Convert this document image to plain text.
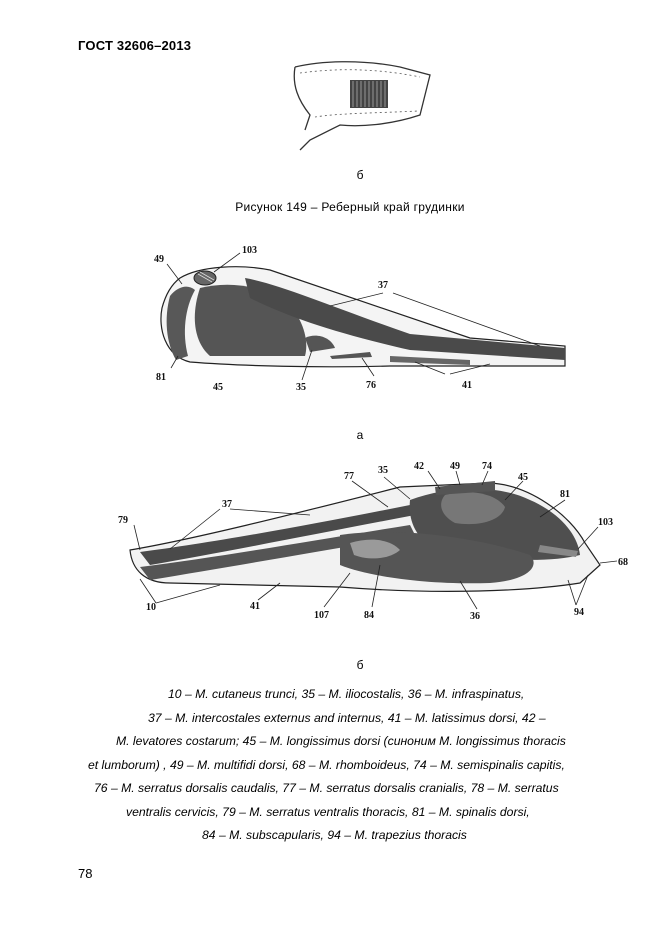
ГОСТ 32606–2013
б
Рисунок 149 – Реберный край грудинки
49
103
37
81
45	35	76	41
а
77
35	42	49 74
45
37
79
81
103
68
10	41
107	84	36	94
б
10 – M. cutaneus trunci, 35 – M. iliocostalis, 36 – M. infraspinatus,
37 – M. intercostales externus and internus, 41 – M. latissimus dorsi, 42 –
M. levatores costarum; 45 – M. longissimus dorsi (синоним M. longissimus thoracis
et lumborum) , 49 – M. multifidi dorsi, 68 – M. rhomboideus, 74 – M. semispinalis capitis,
76 – M. serratus dorsalis caudalis, 77 – M. serratus dorsalis cranialis, 78 – M. serratus
ventralis cervicis, 79 – M. serratus ventralis thoracis, 81 – M. spinalis dorsi,
84 – M. subscapularis, 94 – M. trapezius thoracis
78
